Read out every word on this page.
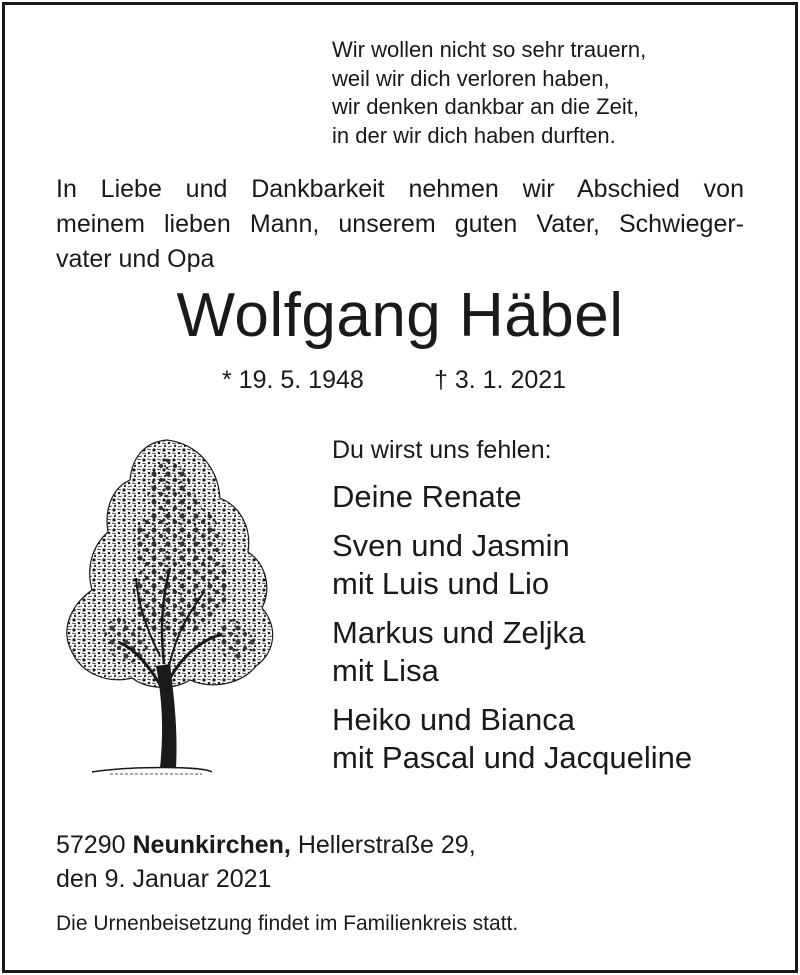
Wir wollen nicht so sehr trauern,
weil wir dich verloren haben,
wir denken dankbar an die Zeit,
in der wir dich haben durften.
In Liebe und Dankbarkeit nehmen wir Abschied von
meinem lieben Mann, unserem guten Vater, Schwieger-
vater und Opa
Wolfgang Häbel
* 19. 5. 1948	† 3. 1. 2021
Du wirst uns fehlen:
Deine Renate
Sven und Jasmin
mit Luis und Lio
Markus und Zeljka
mit Lisa
Heiko und Bianca
mit Pascal und Jacqueline
57290 Neunkirchen, Hellerstraße 29,
den 9. Januar 2021
Die Urnenbeisetzung findet im Familienkreis statt.
